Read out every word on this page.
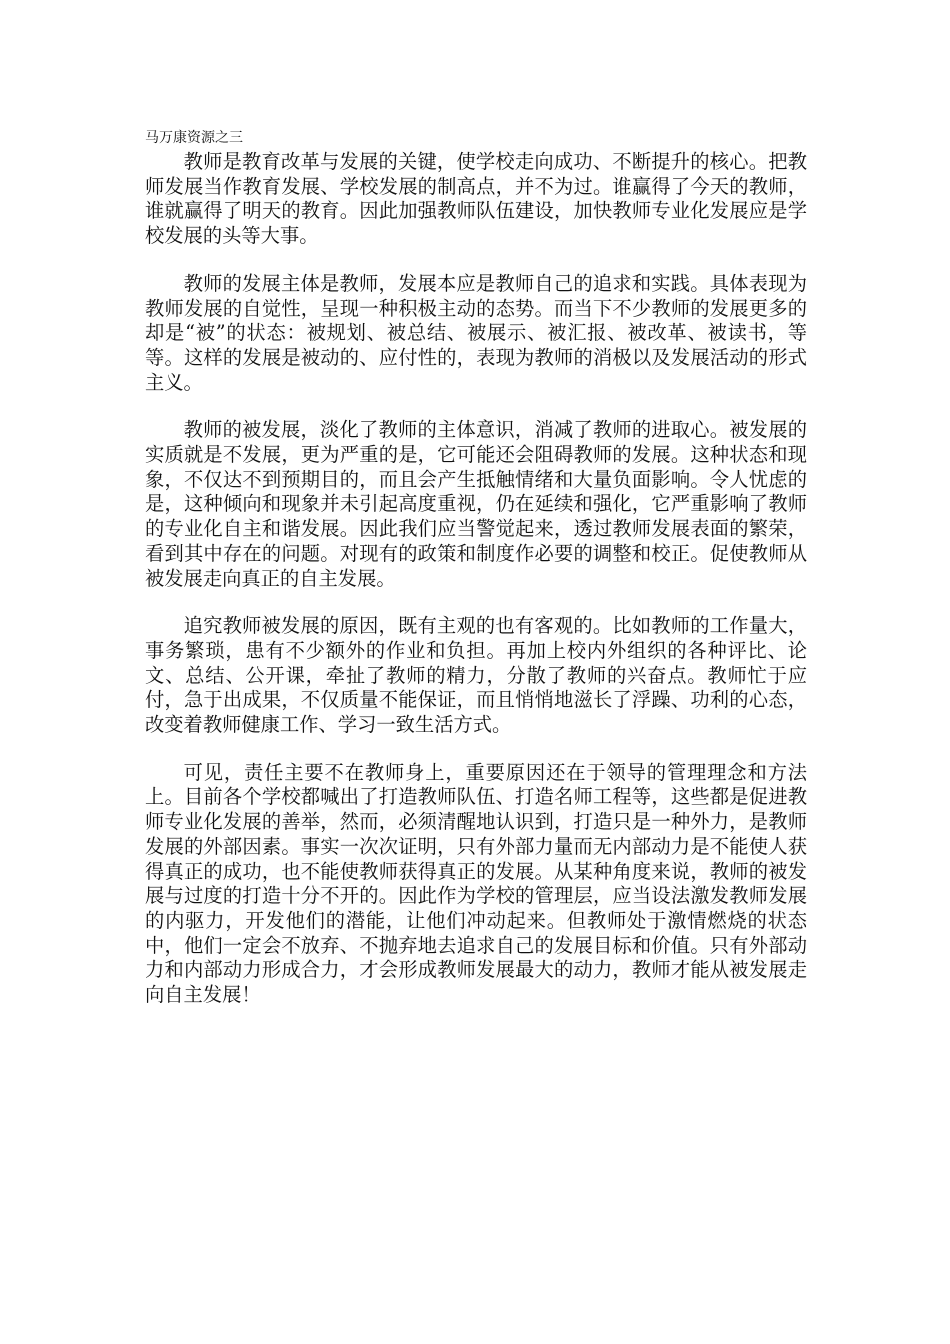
马万康资源之三

教师是教育改革与发展的关键，使学校走向成功、不断提升的核心。把教师发展当作教育发展、学校发展的制高点，并不为过。谁赢得了今天的教师，谁就赢得了明天的教育。因此加强教师队伍建设，加快教师专业化发展应是学校发展的头等大事。

教师的发展主体是教师，发展本应是教师自己的追求和实践。具体表现为教师发展的自觉性，呈现一种积极主动的态势。而当下不少教师的发展更多的却是“被”的状态：被规划、被总结、被展示、被汇报、被改革、被读书，等等。这样的发展是被动的、应付性的，表现为教师的消极以及发展活动的形式主义。

教师的被发展，淡化了教师的主体意识，消减了教师的进取心。被发展的实质就是不发展，更为严重的是，它可能还会阻碍教师的发展。这种状态和现象，不仅达不到预期目的，而且会产生抵触情绪和大量负面影响。令人忧虑的是，这种倾向和现象并未引起高度重视，仍在延续和强化，它严重影响了教师的专业化自主和谐发展。因此我们应当警觉起来，透过教师发展表面的繁荣，看到其中存在的问题。对现有的政策和制度作必要的调整和校正。促使教师从被发展走向真正的自主发展。

追究教师被发展的原因，既有主观的也有客观的。比如教师的工作量大，事务繁琐，患有不少额外的作业和负担。再加上校内外组织的各种评比、论文、总结、公开课，牵扯了教师的精力，分散了教师的兴奋点。教师忙于应付，急于出成果，不仅质量不能保证，而且悄悄地滋长了浮躁、功利的心态，改变着教师健康工作、学习一致生活方式。

可见，责任主要不在教师身上，重要原因还在于领导的管理理念和方法上。目前各个学校都喊出了打造教师队伍、打造名师工程等，这些都是促进教师专业化发展的善举，然而，必须清醒地认识到，打造只是一种外力，是教师发展的外部因素。事实一次次证明，只有外部力量而无内部动力是不能使人获得真正的成功，也不能使教师获得真正的发展。从某种角度来说，教师的被发展与过度的打造十分不开的。因此作为学校的管理层，应当设法激发教师发展的内驱力，开发他们的潜能，让他们冲动起来。但教师处于激情燃烧的状态中，他们一定会不放弃、不抛弃地去追求自己的发展目标和价值。只有外部动力和内部动力形成合力，才会形成教师发展最大的动力，教师才能从被发展走向自主发展！
